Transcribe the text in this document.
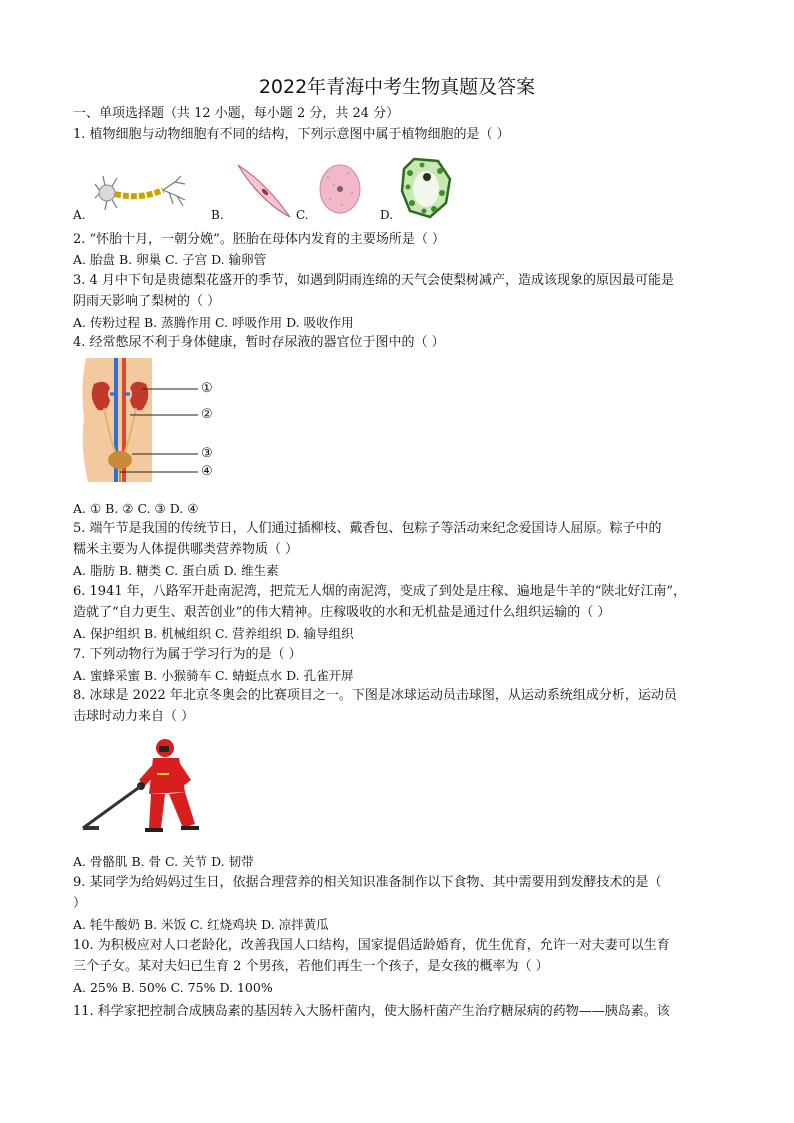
2022年青海中考生物真题及答案
一、单项选择题（共 12 小题，每小题 2 分，共 24 分）
1. 植物细胞与动物细胞有不同的结构，下列示意图中属于植物细胞的是（ ）
A.	B.	C.	D.
2. “怀胎十月，一朝分娩”。胚胎在母体内发育的主要场所是（ ）
A. 胎盘 B. 卵巢 C. 子宫 D. 输卵管
3. 4 月中下旬是贵德梨花盛开的季节，如遇到阴雨连绵的天气会使梨树减产，造成该现象的原因最可能是
阴雨天影响了梨树的（ ）
A. 传粉过程 B. 蒸腾作用 C. 呼吸作用 D. 吸收作用
4. 经常憋尿不利于身体健康，暂时存尿液的器官位于图中的（ ）
①
②
③
④
A. ① B. ② C. ③ D. ④
5. 端午节是我国的传统节日，人们通过插柳枝、戴香包、包粽子等活动来纪念爱国诗人屈原。粽子中的
糯米主要为人体提供哪类营养物质（ ）
A. 脂肪 B. 糖类 C. 蛋白质 D. 维生素
6. 1941 年，八路军开赴南泥湾，把荒无人烟的南泥湾，变成了到处是庄稼、遍地是牛羊的“陕北好江南”，
造就了“自力更生、艰苦创业”的伟大精神。庄稼吸收的水和无机盐是通过什么组织运输的（ ）
A. 保护组织 B. 机械组织 C. 营养组织 D. 输导组织
7. 下列动物行为属于学习行为的是（ ）
A. 蜜蜂采蜜 B. 小猴骑车 C. 蜻蜓点水 D. 孔雀开屏
8. 冰球是 2022 年北京冬奥会的比赛项目之一。下图是冰球运动员击球图，从运动系统组成分析，运动员
击球时动力来自（ ）
A. 骨骼肌 B. 骨 C. 关节 D. 韧带
9. 某同学为给妈妈过生日，依据合理营养的相关知识准备制作以下食物、其中需要用到发酵技术的是（
）
A. 牦牛酸奶 B. 米饭 C. 红烧鸡块 D. 凉拌黄瓜
10. 为积极应对人口老龄化，改善我国人口结构，国家提倡适龄婚育，优生优育，允许一对夫妻可以生育
三个子女。某对夫妇已生育 2 个男孩，若他们再生一个孩子，是女孩的概率为（ ）
A. 25% B. 50% C. 75% D. 100%
11. 科学家把控制合成胰岛素的基因转入大肠杆菌内，使大肠杆菌产生治疗糖尿病的药物——胰岛素。该
